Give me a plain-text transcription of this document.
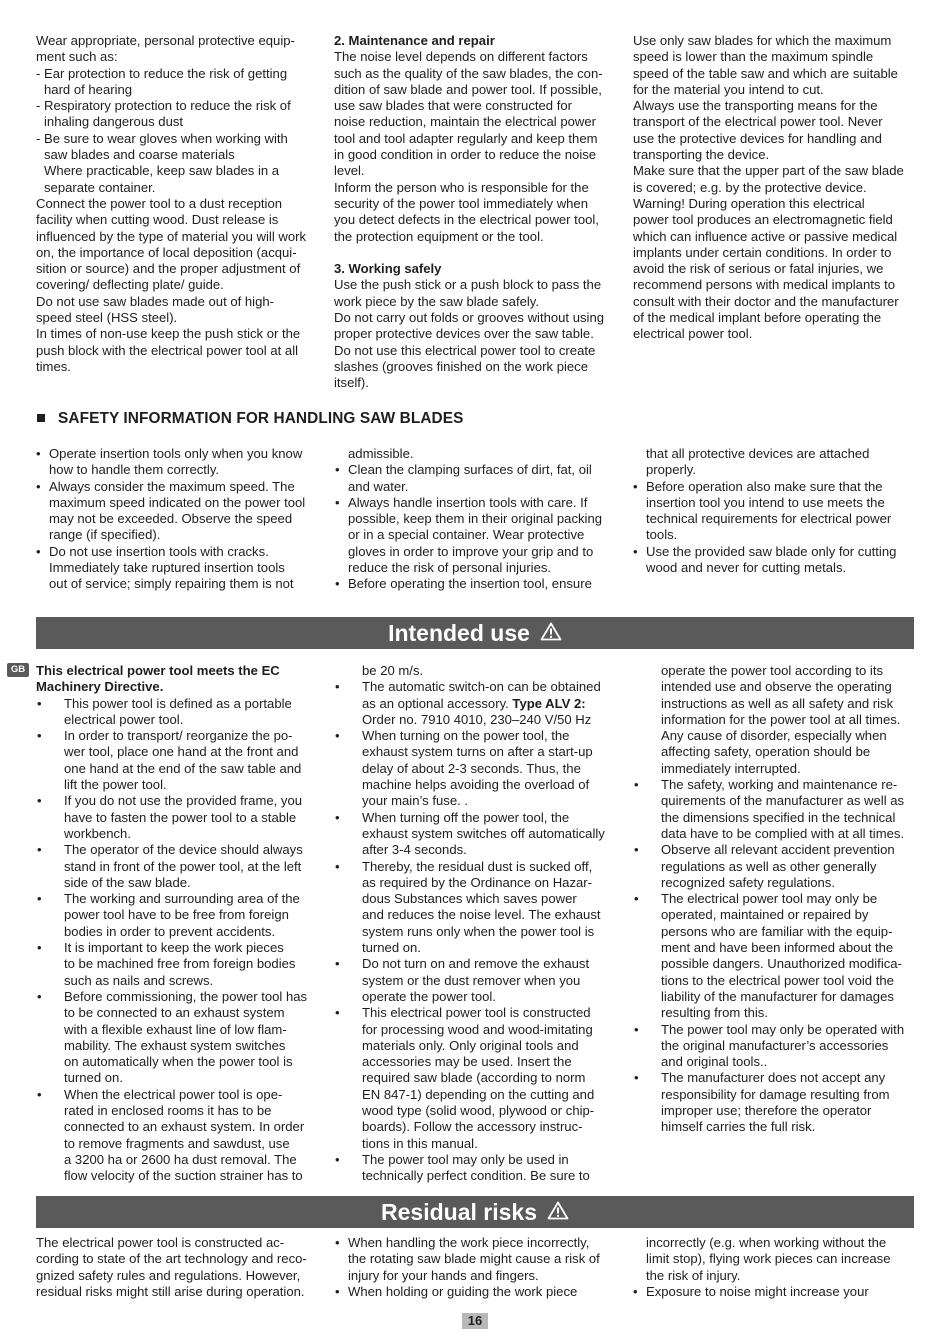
Wear appropriate, personal protective equip-

ment such as:

- Ear protection to reduce the risk of getting

hard of hearing

- Respiratory protection to reduce the risk of

inhaling dangerous dust

- Be sure to wear gloves when working with

saw blades and coarse materials

Where practicable, keep saw blades in a

separate container.

Connect the power tool to a dust reception

facility when cutting wood. Dust release is

influenced by the type of material you will work

on, the importance of local deposition (acqui-

sition or source) and the proper adjustment of

covering/ deflecting plate/ guide.

Do not use saw blades made out of high-

speed steel (HSS steel).

In times of non-use keep the push stick or the

push block with the electrical power tool at all

times.

2. Maintenance and repair

The noise level depends on different factors

such as the quality of the saw blades, the con-

dition of saw blade and power tool. If possible,

use saw blades that were constructed for

noise reduction, maintain the electrical power

tool and tool adapter regularly and keep them

in good condition in order to reduce the noise

level.

Inform the person who is responsible for the

security of the power tool immediately when

you detect defects in the electrical power tool,

the protection equipment or the tool.

3. Working safely

Use the push stick or a push block to pass the

work piece by the saw blade safely.

Do not carry out folds or grooves without using

proper protective devices over the saw table.

Do not use this electrical power tool to create

slashes (grooves finished on the work piece

itself).

Use only saw blades for which the maximum

speed is lower than the maximum spindle

speed of the table saw and which are suitable

for the material you intend to cut.

Always use the transporting means for the

transport of the electrical power tool. Never

use the protective devices for handling and

transporting the device.

Make sure that the upper part of the saw blade

is covered; e.g. by the protective device.

Warning! During operation this electrical

power tool produces an electromagnetic field

which can influence active or passive medical

implants under certain conditions. In order to

avoid the risk of serious or fatal injuries, we

recommend persons with medical implants to

consult with their doctor and the manufacturer

of the medical implant before operating the

electrical power tool.

SAFETY INFORMATION FOR HANDLING SAW BLADES
• Operate insertion tools only when you know
how to handle them correctly.
• Always consider the maximum speed. The
maximum speed indicated on the power tool
may not be exceeded. Observe the speed
range (if specified).
• Do not use insertion tools with cracks.
Immediately take ruptured insertion tools
out of service; simply repairing them is not
admissible.
• Clean the clamping surfaces of dirt, fat, oil
and water.
• Always handle insertion tools with care. If
possible, keep them in their original packing
or in a special container. Wear protective
gloves in order to improve your grip and to
reduce the risk of personal injuries.
• Before operating the insertion tool, ensure
that all protective devices are attached
properly.
• Before operation also make sure that the
insertion tool you intend to use meets the
technical requirements for electrical power
tools.
• Use the provided saw blade only for cutting
wood and never for cutting metals.
Intended use
GB This electrical power tool meets the EC

Machinery Directive.

• This power tool is defined as a portable
electrical power tool.
• In order to transport/ reorganize the po-
wer tool, place one hand at the front and
one hand at the end of the saw table and
lift the power tool.
• If you do not use the provided frame, you
have to fasten the power tool to a stable
workbench.
• The operator of the device should always
stand in front of the power tool, at the left
side of the saw blade.
• The working and surrounding area of the
power tool have to be free from foreign
bodies in order to prevent accidents.
• It is important to keep the work pieces
to be machined free from foreign bodies
such as nails and screws.
• Before commissioning, the power tool has
to be connected to an exhaust system
with a flexible exhaust line of low flam-
mability. The exhaust system switches
on automatically when the power tool is
turned on.
• When the electrical power tool is ope-
rated in enclosed rooms it has to be
connected to an exhaust system. In order
to remove fragments and sawdust, use
a 3200 ha or 2600 ha dust removal. The
flow velocity of the suction strainer has to
be 20 m/s.
• The automatic switch-on can be obtained
as an optional accessory. Type ALV 2:
Order no. 7910 4010, 230–240 V/50 Hz
• When turning on the power tool, the
exhaust system turns on after a start-up
delay of about 2-3 seconds. Thus, the
machine helps avoiding the overload of
your main’s fuse. .
• When turning off the power tool, the
exhaust system switches off automatically
after 3-4 seconds.
• Thereby, the residual dust is sucked off,
as required by the Ordinance on Hazar-
dous Substances which saves power
and reduces the noise level. The exhaust
system runs only when the power tool is
turned on.
• Do not turn on and remove the exhaust
system or the dust remover when you
operate the power tool.
• This electrical power tool is constructed
for processing wood and wood-imitating
materials only. Only original tools and
accessories may be used. Insert the
required saw blade (according to norm
EN 847-1) depending on the cutting and
wood type (solid wood, plywood or chip-
boards). Follow the accessory instruc-
tions in this manual.
• The power tool may only be used in
technically perfect condition. Be sure to
operate the power tool according to its
intended use and observe the operating
instructions as well as all safety and risk
information for the power tool at all times.
Any cause of disorder, especially when
affecting safety, operation should be
immediately interrupted.
• The safety, working and maintenance re-
quirements of the manufacturer as well as
the dimensions specified in the technical
data have to be complied with at all times.
• Observe all relevant accident prevention
regulations as well as other generally
recognized safety regulations.
• The electrical power tool may only be
operated, maintained or repaired by
persons who are familiar with the equip-
ment and have been informed about the
possible dangers. Unauthorized modifica-
tions to the electrical power tool void the
liability of the manufacturer for damages
resulting from this.
• The power tool may only be operated with
the original manufacturer’s accessories
and original tools..
• The manufacturer does not accept any
responsibility for damage resulting from
improper use; therefore the operator
himself carries the full risk.
Residual risks

The electrical power tool is constructed ac-

cording to state of the art technology and reco-

gnized safety rules and regulations. However,

residual risks might still arise during operation.

• When handling the work piece incorrectly,
the rotating saw blade might cause a risk of
injury for your hands and fingers.
• When holding or guiding the work piece
incorrectly (e.g. when working without the
limit stop), flying work pieces can increase
the risk of injury.
• Exposure to noise might increase your
16
